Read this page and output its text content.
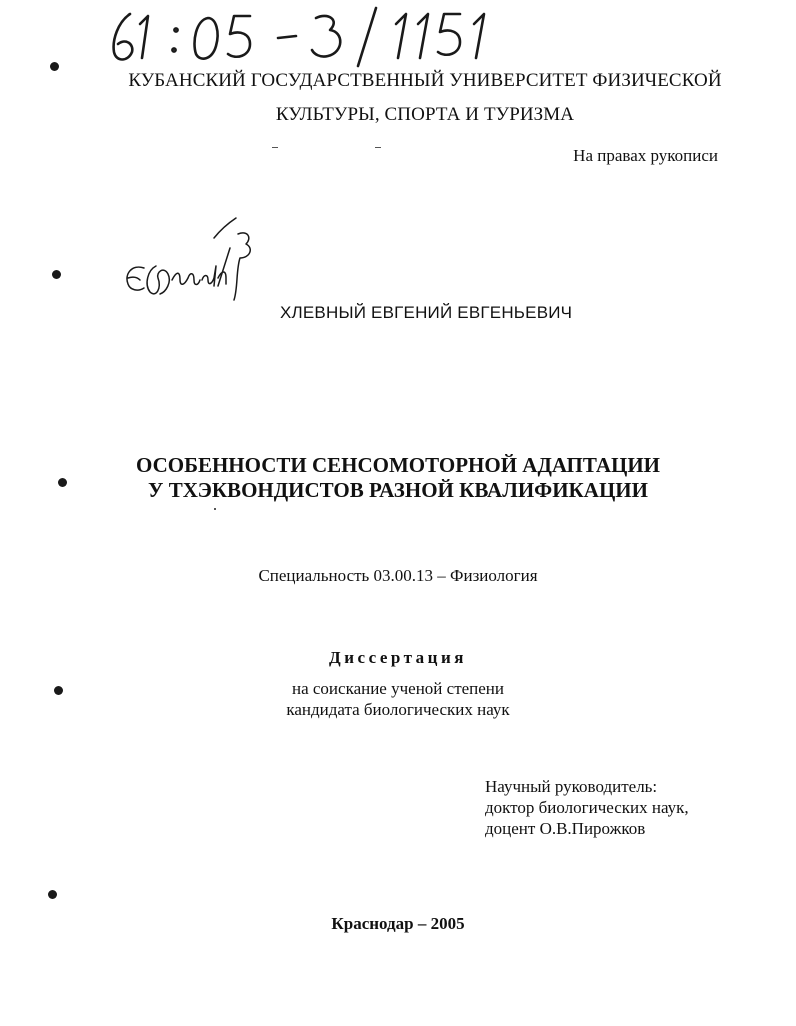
КУБАНСКИЙ ГОСУДАРСТВЕННЫЙ УНИВЕРСИТЕТ ФИЗИЧЕСКОЙ
КУЛЬТУРЫ, СПОРТА И ТУРИЗМА
На правах рукописи
ХЛЕВНЫЙ ЕВГЕНИЙ ЕВГЕНЬЕВИЧ
ОСОБЕННОСТИ СЕНСОМОТОРНОЙ АДАПТАЦИИ
У ТХЭКВОНДИСТОВ РАЗНОЙ КВАЛИФИКАЦИИ
Специальность 03.00.13 – Физиология
Диссертация
на соискание ученой степени
кандидата биологических наук
Научный руководитель:
доктор биологических наук,
доцент О.В.Пирожков
Краснодар – 2005
